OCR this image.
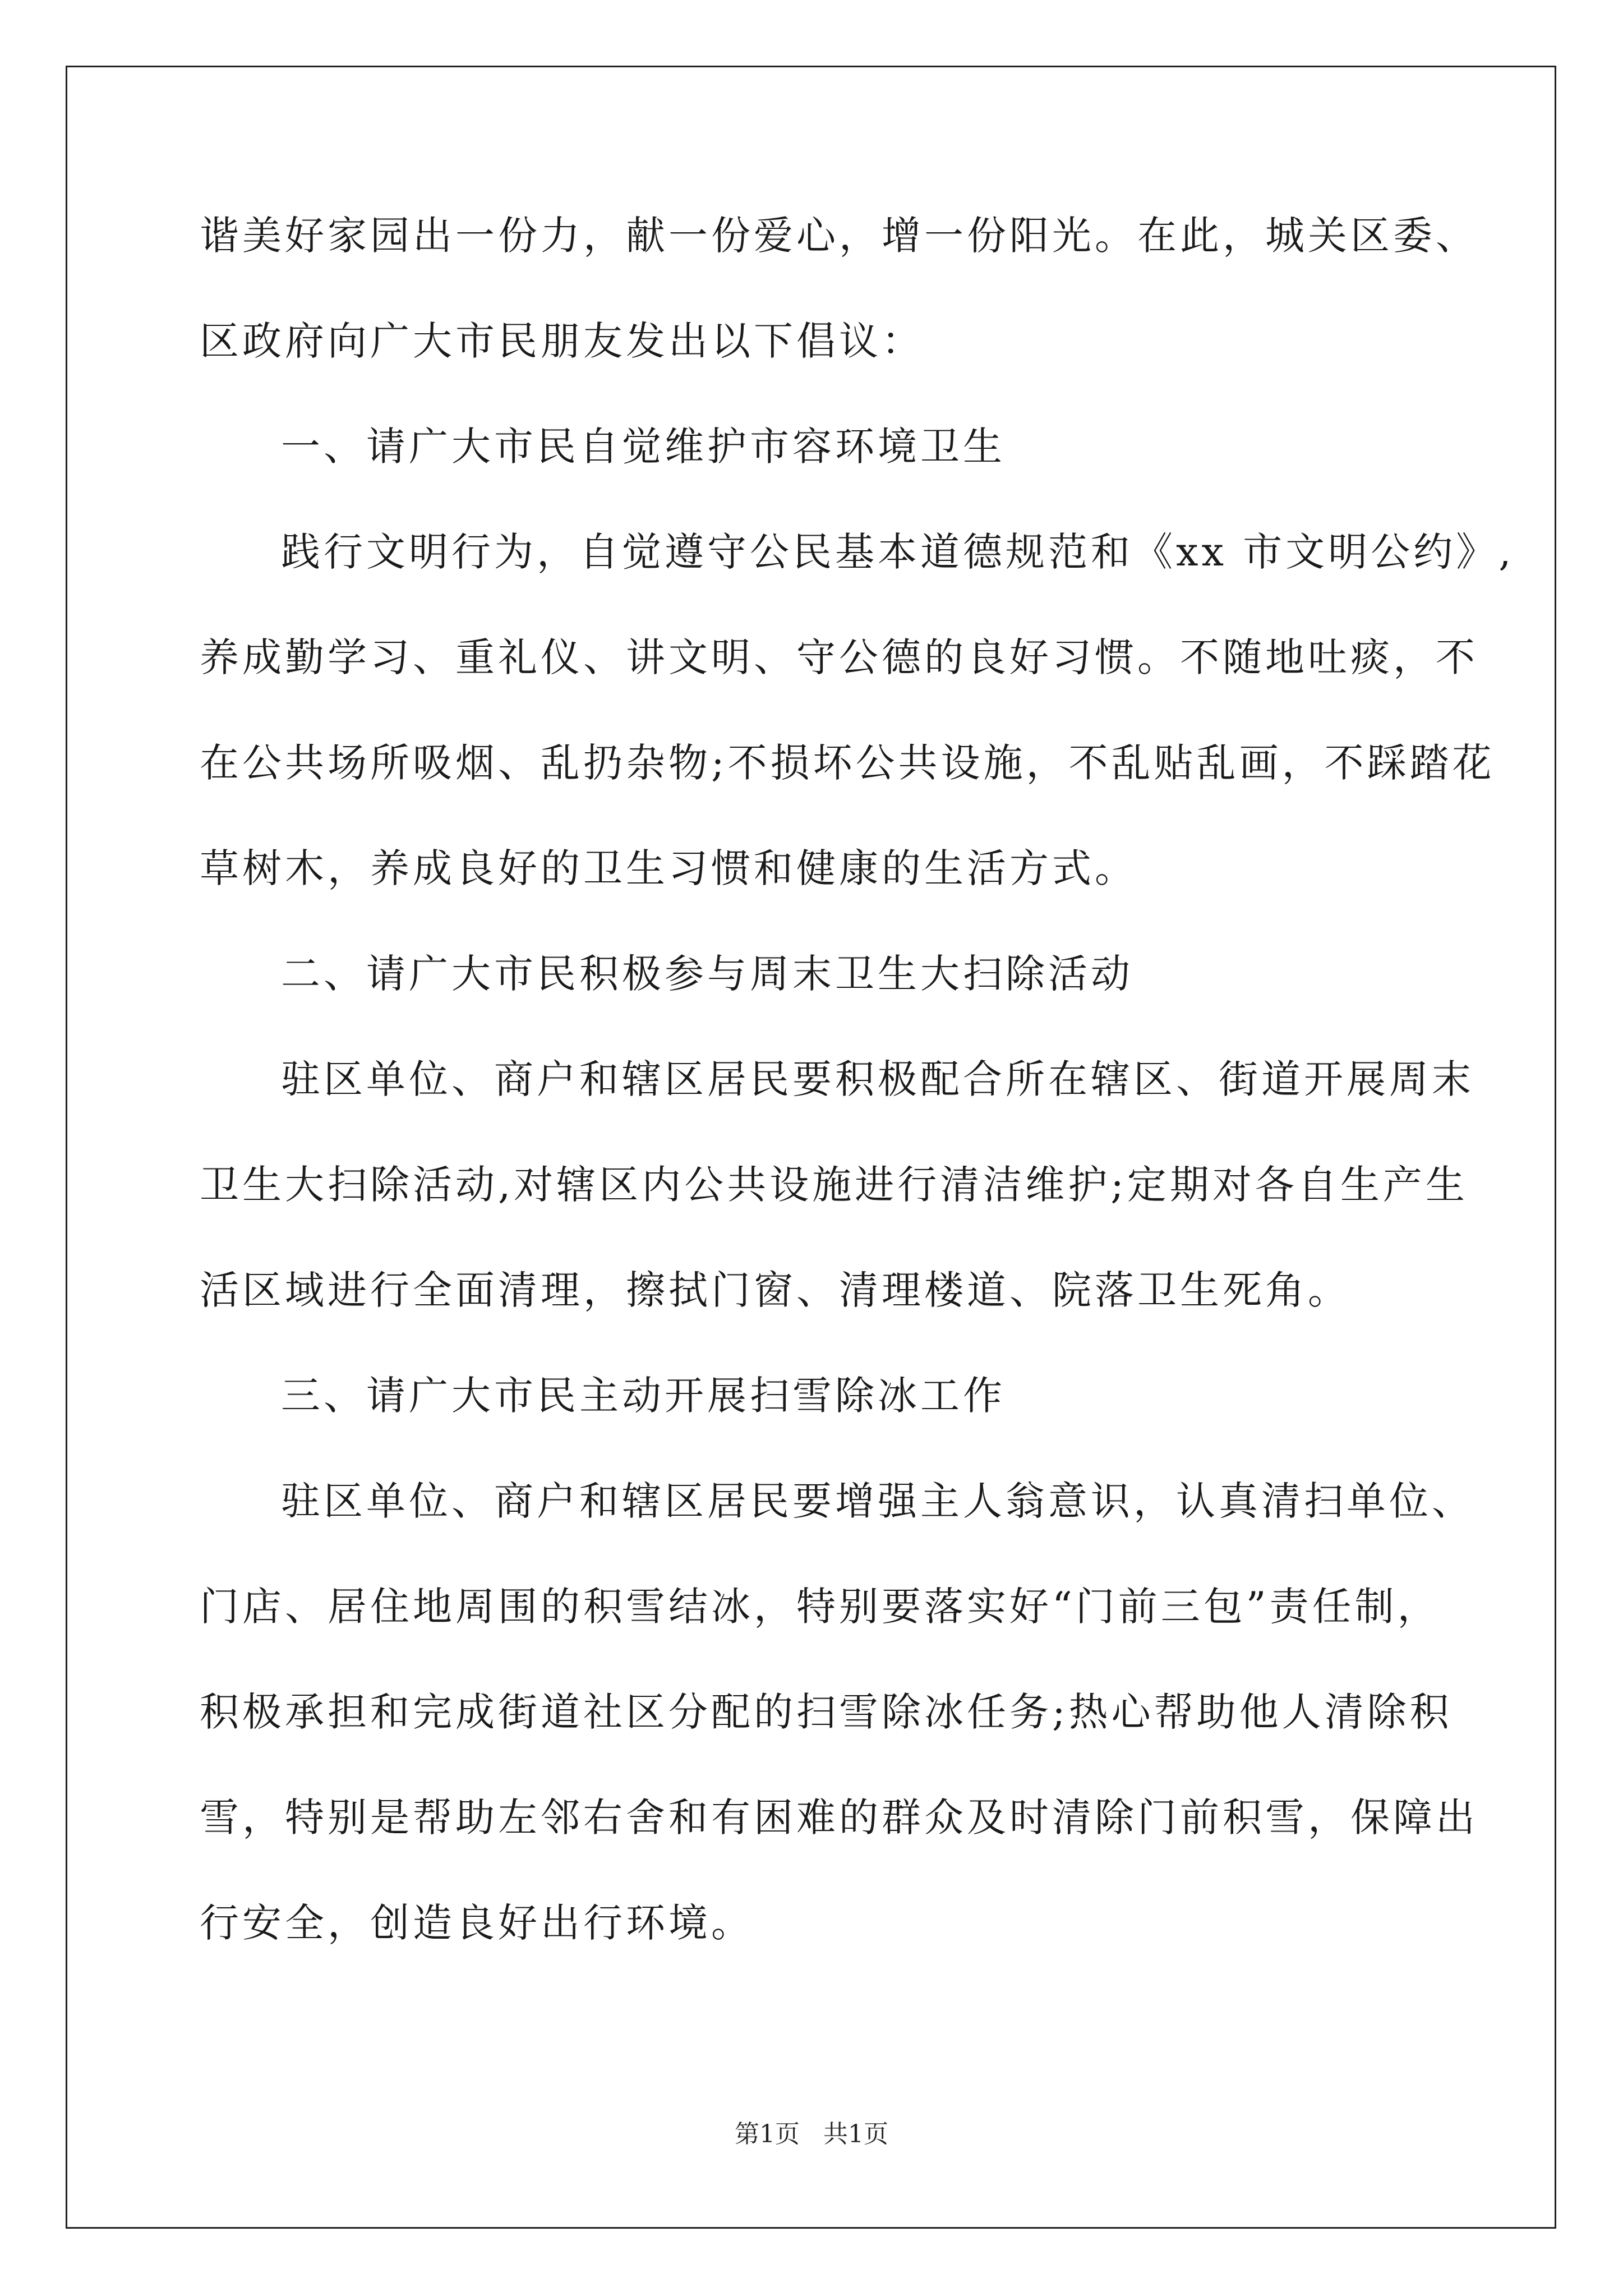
谐美好家园出一份力，献一份爱心，增一份阳光。在此，城关区委、
区政府向广大市民朋友发出以下倡议：
一、请广大市民自觉维护市容环境卫生
践行文明行为，自觉遵守公民基本道德规范和《xx 市文明公约》,
养成勤学习、重礼仪、讲文明、守公德的良好习惯。不随地吐痰，不
在公共场所吸烟、乱扔杂物;不损坏公共设施，不乱贴乱画，不踩踏花
草树木，养成良好的卫生习惯和健康的生活方式。
二、请广大市民积极参与周末卫生大扫除活动
驻区单位、商户和辖区居民要积极配合所在辖区、街道开展周末
卫生大扫除活动,对辖区内公共设施进行清洁维护;定期对各自生产生
活区域进行全面清理，擦拭门窗、清理楼道、院落卫生死角。
三、请广大市民主动开展扫雪除冰工作
驻区单位、商户和辖区居民要增强主人翁意识，认真清扫单位、
门店、居住地周围的积雪结冰，特别要落实好“门前三包”责任制，
积极承担和完成街道社区分配的扫雪除冰任务;热心帮助他人清除积
雪，特别是帮助左邻右舍和有困难的群众及时清除门前积雪，保障出
行安全，创造良好出行环境。
第1页 共1页
